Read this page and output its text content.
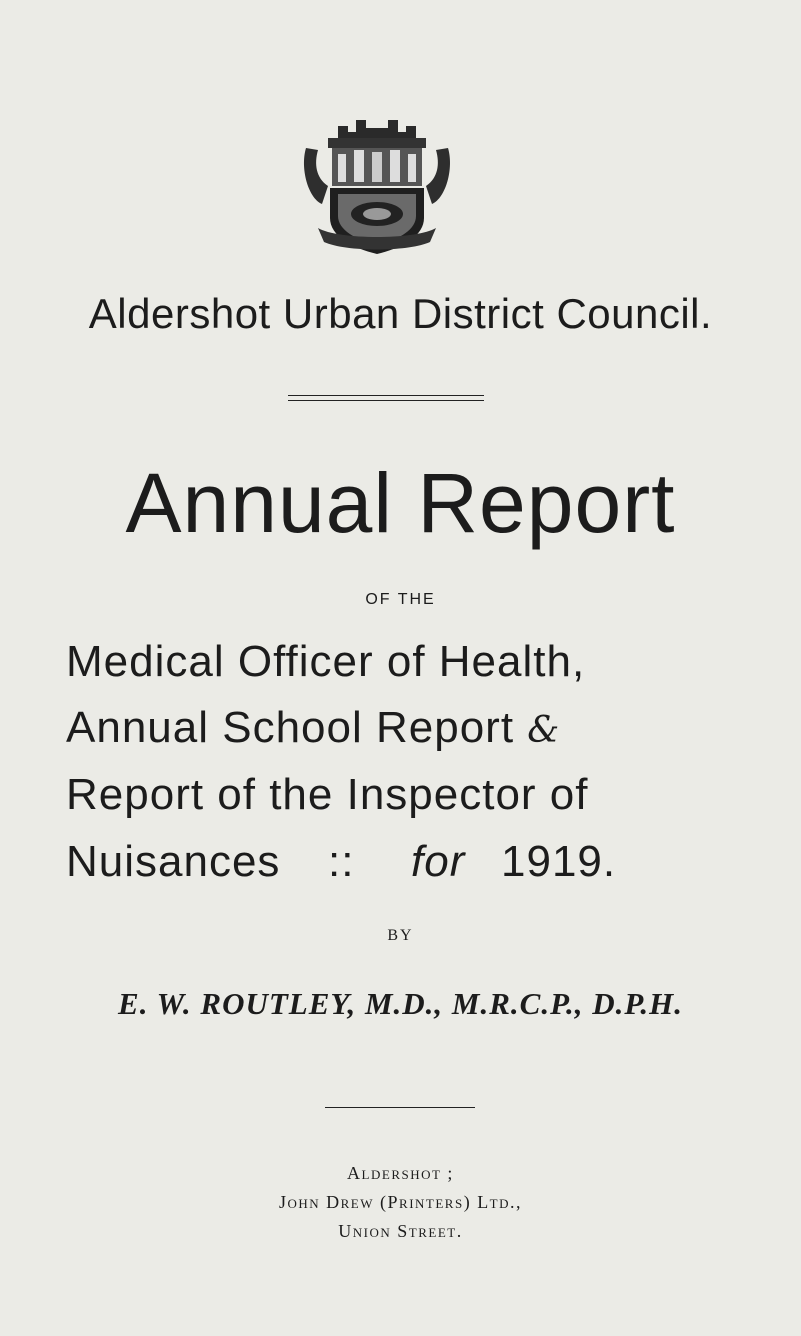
Aldershot Urban District Council.
Annual Report
OF THE
Medical Officer of Health,
Annual School Report &
Report of the Inspector of
Nuisances :: for 1919.
BY
E. W. ROUTLEY, M.D., M.R.C.P., D.P.H.
Aldershot ;
John Drew (Printers) Ltd.,
Union Street.
